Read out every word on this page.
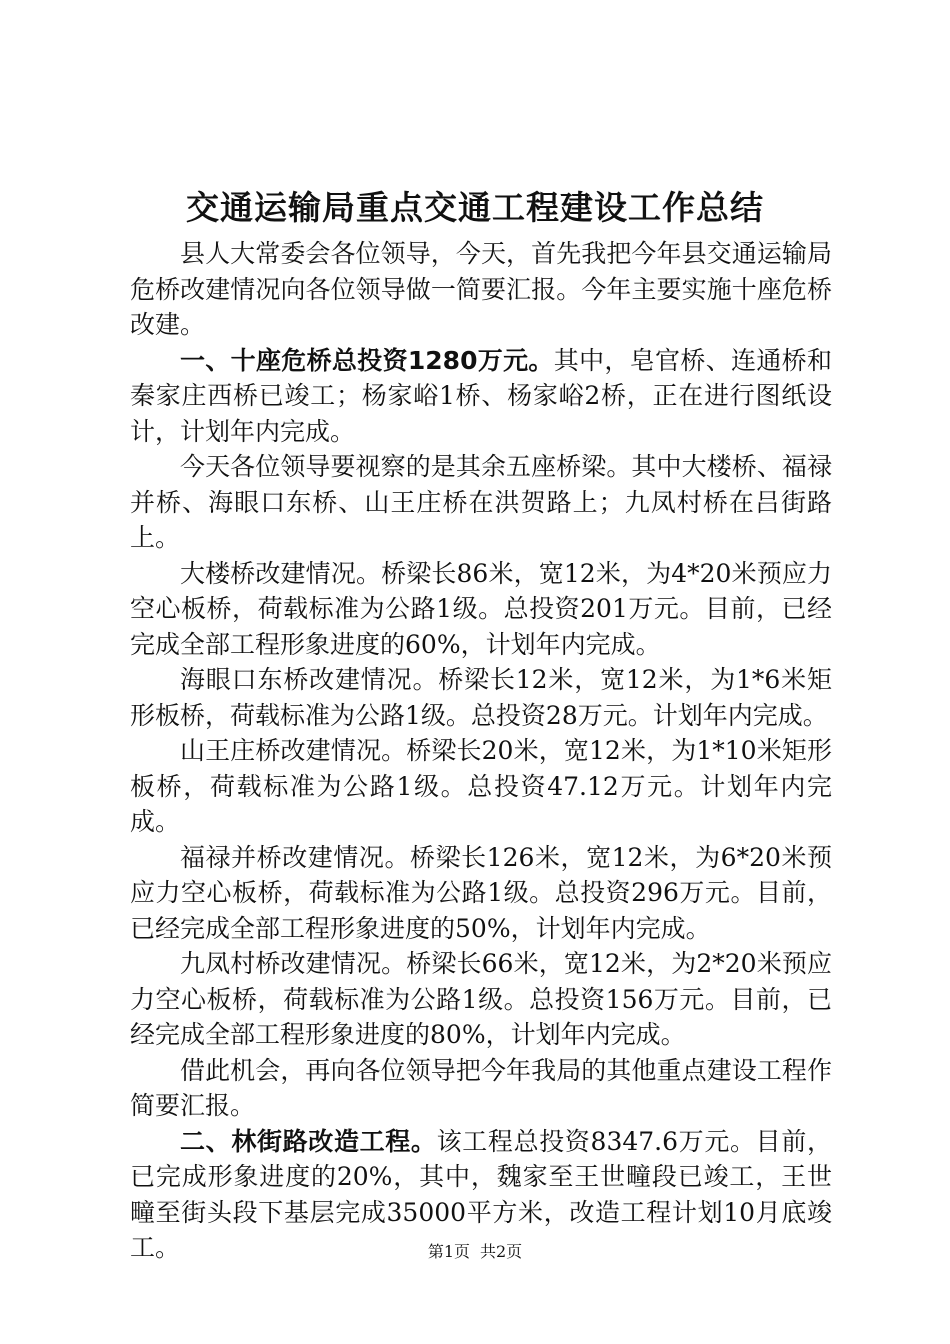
交通运输局重点交通工程建设工作总结

县人大常委会各位领导，今天，首先我把今年县交通运输局危桥改建情况向各位领导做一简要汇报。今年主要实施十座危桥改建。

一、十座危桥总投资1280万元。其中，皂官桥、连通桥和秦家庄西桥已竣工；杨家峪1桥、杨家峪2桥，正在进行图纸设计，计划年内完成。

今天各位领导要视察的是其余五座桥梁。其中大楼桥、福禄并桥、海眼口东桥、山王庄桥在洪贺路上；九凤村桥在吕街路上。

大楼桥改建情况。桥梁长86米，宽12米，为4*20米预应力空心板桥，荷载标准为公路1级。总投资201万元。目前，已经完成全部工程形象进度的60%，计划年内完成。

海眼口东桥改建情况。桥梁长12米，宽12米，为1*6米矩形板桥，荷载标准为公路1级。总投资28万元。计划年内完成。

山王庄桥改建情况。桥梁长20米，宽12米，为1*10米矩形板桥，荷载标准为公路1级。总投资47.12万元。计划年内完成。

福禄并桥改建情况。桥梁长126米，宽12米，为6*20米预应力空心板桥，荷载标准为公路1级。总投资296万元。目前，已经完成全部工程形象进度的50%，计划年内完成。

九凤村桥改建情况。桥梁长66米，宽12米，为2*20米预应力空心板桥，荷载标准为公路1级。总投资156万元。目前，已经完成全部工程形象进度的80%，计划年内完成。

借此机会，再向各位领导把今年我局的其他重点建设工程作简要汇报。

二、林街路改造工程。该工程总投资8347.6万元。目前，已完成形象进度的20%，其中，魏家至王世疃段已竣工，王世疃至街头段下基层完成35000平方米，改造工程计划10月底竣工。	第1页 共2页
